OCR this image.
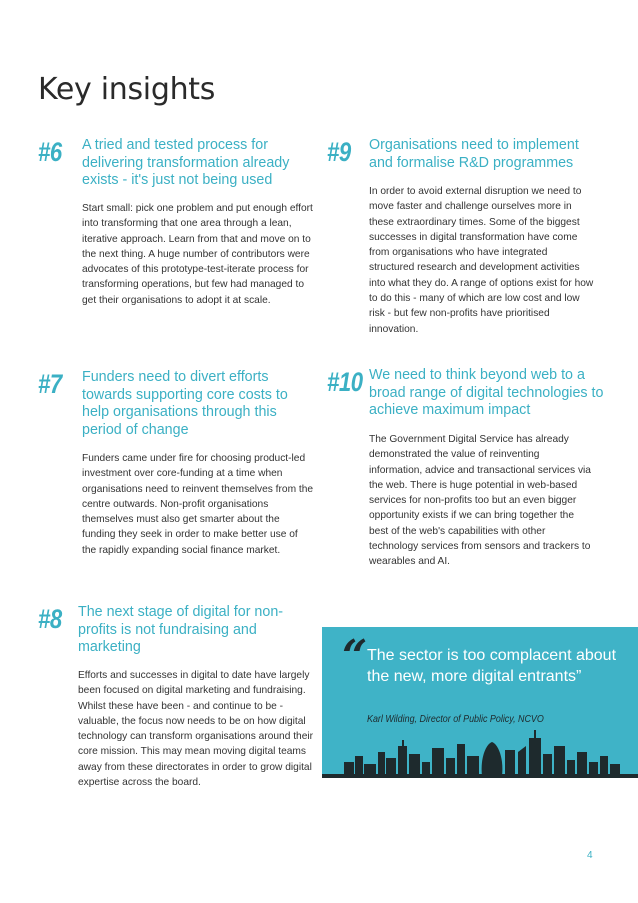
Key insights
#6 A tried and tested process for delivering transformation already exists - it's just not being used

Start small: pick one problem and put enough effort into transforming that one area through a lean, iterative approach. Learn from that and move on to the next thing. A huge number of contributors were advocates of this prototype-test-iterate process for transforming operations, but few had managed to get their organisations to adopt it at scale.

#7 Funders need to divert efforts towards supporting core costs to help organisations through this period of change

Funders came under fire for choosing product-led investment over core-funding at a time when organisations need to reinvent themselves from the centre outwards. Non-profit organisations themselves must also get smarter about the funding they seek in order to make better use of the rapidly expanding social finance market.

#8 The next stage of digital for non-profits is not fundraising and marketing

Efforts and successes in digital to date have largely been focused on digital marketing and fundraising. Whilst these have been - and continue to be - valuable, the focus now needs to be on how digital technology can transform organisations around their core mission. This may mean moving digital teams away from these directorates in order to grow digital expertise across the board.

#9 Organisations need to implement and formalise R&D programmes

In order to avoid external disruption we need to move faster and challenge ourselves more in these extraordinary times. Some of the biggest successes in digital transformation have come from organisations who have integrated structured research and development activities into what they do. A range of options exist for how to do this - many of which are low cost and low risk - but few non-profits have prioritised innovation.

#10 We need to think beyond web to a broad range of digital technologies to achieve maximum impact

The Government Digital Service has already demonstrated the value of reinventing information, advice and transactional services via the web. There is huge potential in web-based services for non-profits too but an even bigger opportunity exists if we can bring together the best of the web's capabilities with other technology services from sensors and trackers to wearables and AI.

“ The sector is too complacent about the new, more digital entrants”

Karl Wilding, Director of Public Policy, NCVO

4
